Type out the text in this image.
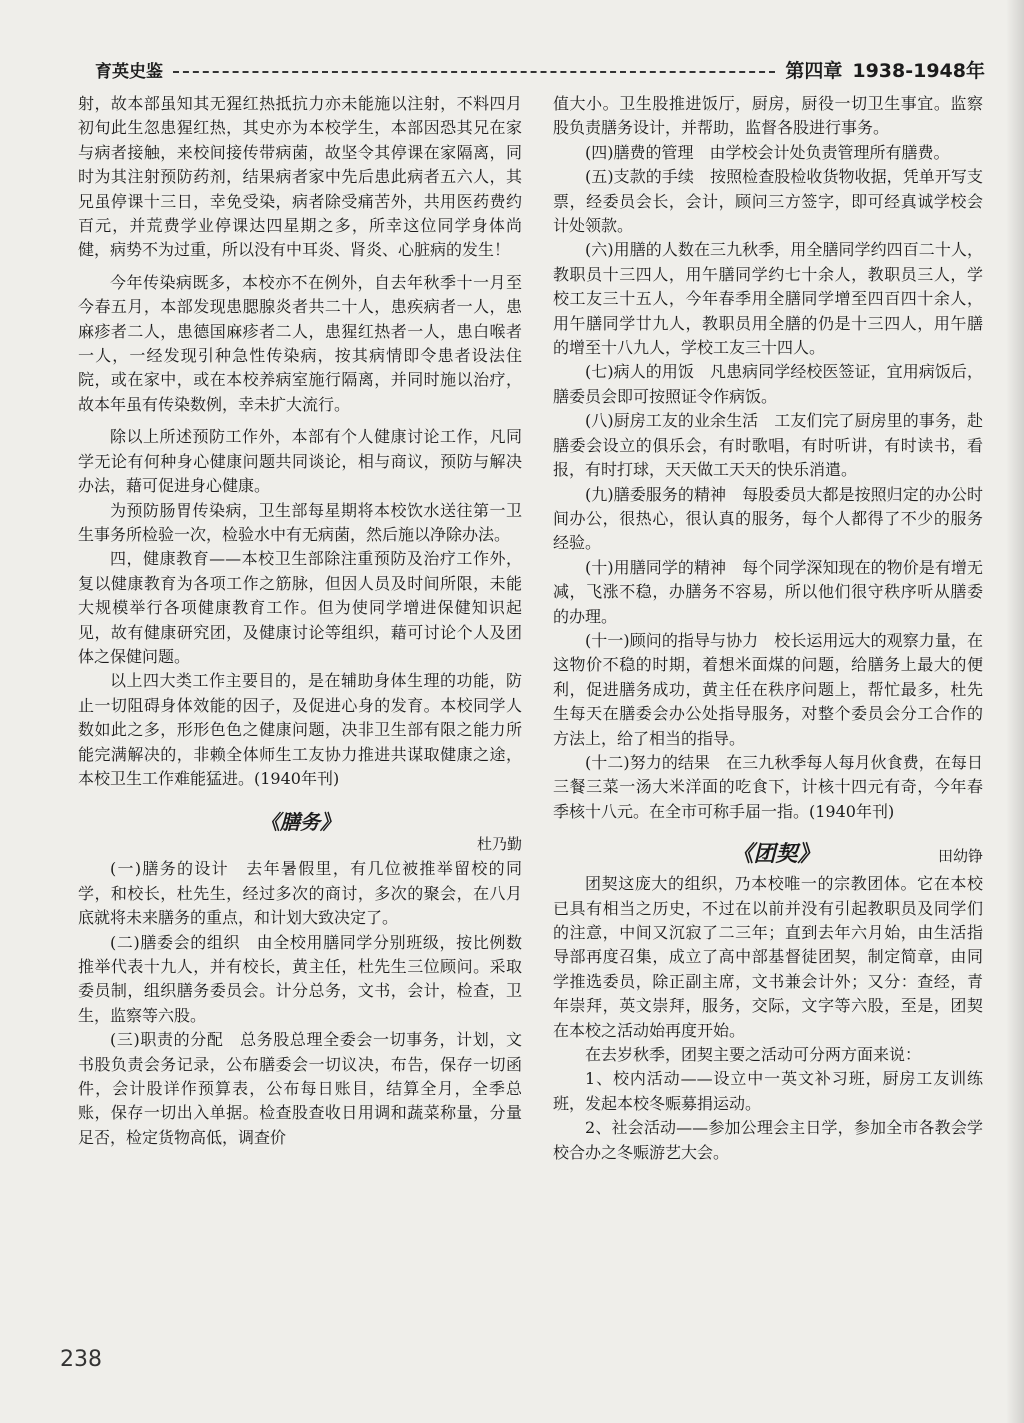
育英史鉴	第四章 1938-1948年

射，故本部虽知其无猩红热抵抗力亦未能施以注射，不料四月初旬此生忽患猩红热，其史亦为本校学生，本部因恐其兄在家与病者接触，来校间接传带病菌，故坚令其停课在家隔离，同时为其注射预防药剂，结果病者家中先后患此病者五六人，其兄虽停课十三日，幸免受染，病者除受痛苦外，共用医药费约百元，并荒费学业停课达四星期之多，所幸这位同学身体尚健，病势不为过重，所以没有中耳炎、肾炎、心脏病的发生！

今年传染病既多，本校亦不在例外，自去年秋季十一月至今春五月，本部发现患腮腺炎者共二十人，患疾病者一人，患麻疹者二人，患德国麻疹者二人，患猩红热者一人，患白喉者一人，一经发现引种急性传染病，按其病情即令患者设法住院，或在家中，或在本校养病室施行隔离，并同时施以治疗，故本年虽有传染数例，幸未扩大流行。

除以上所述预防工作外，本部有个人健康讨论工作，凡同学无论有何种身心健康问题共同谈论，相与商议，预防与解决办法，藉可促进身心健康。

为预防肠胃传染病，卫生部每星期将本校饮水送往第一卫生事务所检验一次，检验水中有无病菌，然后施以净除办法。

四，健康教育——本校卫生部除注重预防及治疗工作外，复以健康教育为各项工作之筋脉，但因人员及时间所限，未能大规模举行各项健康教育工作。但为使同学增进保健知识起见，故有健康研究团，及健康讨论等组织，藉可讨论个人及团体之保健问题。

以上四大类工作主要目的，是在辅助身体生理的功能，防止一切阻碍身体效能的因子，及促进心身的发育。本校同学人数如此之多，形形色色之健康问题，决非卫生部有限之能力所能完满解决的，非赖全体师生工友协力推进共谋取健康之途，本校卫生工作难能猛进。(1940年刊)

《膳务》
杜乃勤

(一)膳务的设计　去年暑假里，有几位被推举留校的同学，和校长，杜先生，经过多次的商讨，多次的聚会，在八月底就将未来膳务的重点，和计划大致决定了。

(二)膳委会的组织　由全校用膳同学分别班级，按比例数推举代表十九人，并有校长，黄主任，杜先生三位顾问。采取委员制，组织膳务委员会。计分总务，文书，会计，检查，卫生，监察等六股。

(三)职责的分配　总务股总理全委会一切事务，计划，文书股负责会务记录，公布膳委会一切议决，布告，保存一切函件，会计股详作预算表，公布每日账目，结算全月，全季总账，保存一切出入单据。检查股查收日用调和蔬菜称量，分量足否，检定货物高低，调查价

值大小。卫生股推进饭厅，厨房，厨役一切卫生事宜。监察股负责膳务设计，并帮助，监督各股进行事务。

(四)膳费的管理　由学校会计处负责管理所有膳费。

(五)支款的手续　按照检查股检收货物收据，凭单开写支票，经委员会长，会计，顾问三方签字，即可经真诚学校会计处领款。

(六)用膳的人数在三九秋季，用全膳同学约四百二十人，教职员十三四人，用午膳同学约七十余人，教职员三人，学校工友三十五人，今年春季用全膳同学增至四百四十余人，用午膳同学廿九人，教职员用全膳的仍是十三四人，用午膳的增至十八九人，学校工友三十四人。

(七)病人的用饭　凡患病同学经校医签证，宜用病饭后，膳委员会即可按照证令作病饭。

(八)厨房工友的业余生活　工友们完了厨房里的事务，赴膳委会设立的俱乐会，有时歌唱，有时听讲，有时读书，看报，有时打球，天天做工天天的快乐消遣。

(九)膳委服务的精神　每股委员大都是按照归定的办公时间办公，很热心，很认真的服务，每个人都得了不少的服务经验。

(十)用膳同学的精神　每个同学深知现在的物价是有增无减，飞涨不稳，办膳务不容易，所以他们很守秩序听从膳委的办理。

(十一)顾问的指导与协力　校长运用远大的观察力量，在这物价不稳的时期，着想米面煤的问题，给膳务上最大的便利，促进膳务成功，黄主任在秩序问题上，帮忙最多，杜先生每天在膳委会办公处指导服务，对整个委员会分工合作的方法上，给了相当的指导。

(十二)努力的结果　在三九秋季每人每月伙食费，在每日三餐三菜一汤大米洋面的吃食下，计核十四元有奇，今年春季核十八元。在全市可称手届一指。(1940年刊)

《团契》	田幼铮

团契这庞大的组织，乃本校唯一的宗教团体。它在本校已具有相当之历史，不过在以前并没有引起教职员及同学们的注意，中间又沉寂了二三年；直到去年六月始，由生活指导部再度召集，成立了高中部基督徒团契，制定简章，由同学推选委员，除正副主席，文书兼会计外；又分：查经，青年崇拜，英文崇拜，服务，交际，文字等六股，至是，团契在本校之活动始再度开始。

在去岁秋季，团契主要之活动可分两方面来说：

1、校内活动——设立中一英文补习班，厨房工友训练班，发起本校冬赈募捐运动。

2、社会活动——参加公理会主日学，参加全市各教会学校合办之冬赈游艺大会。

238
